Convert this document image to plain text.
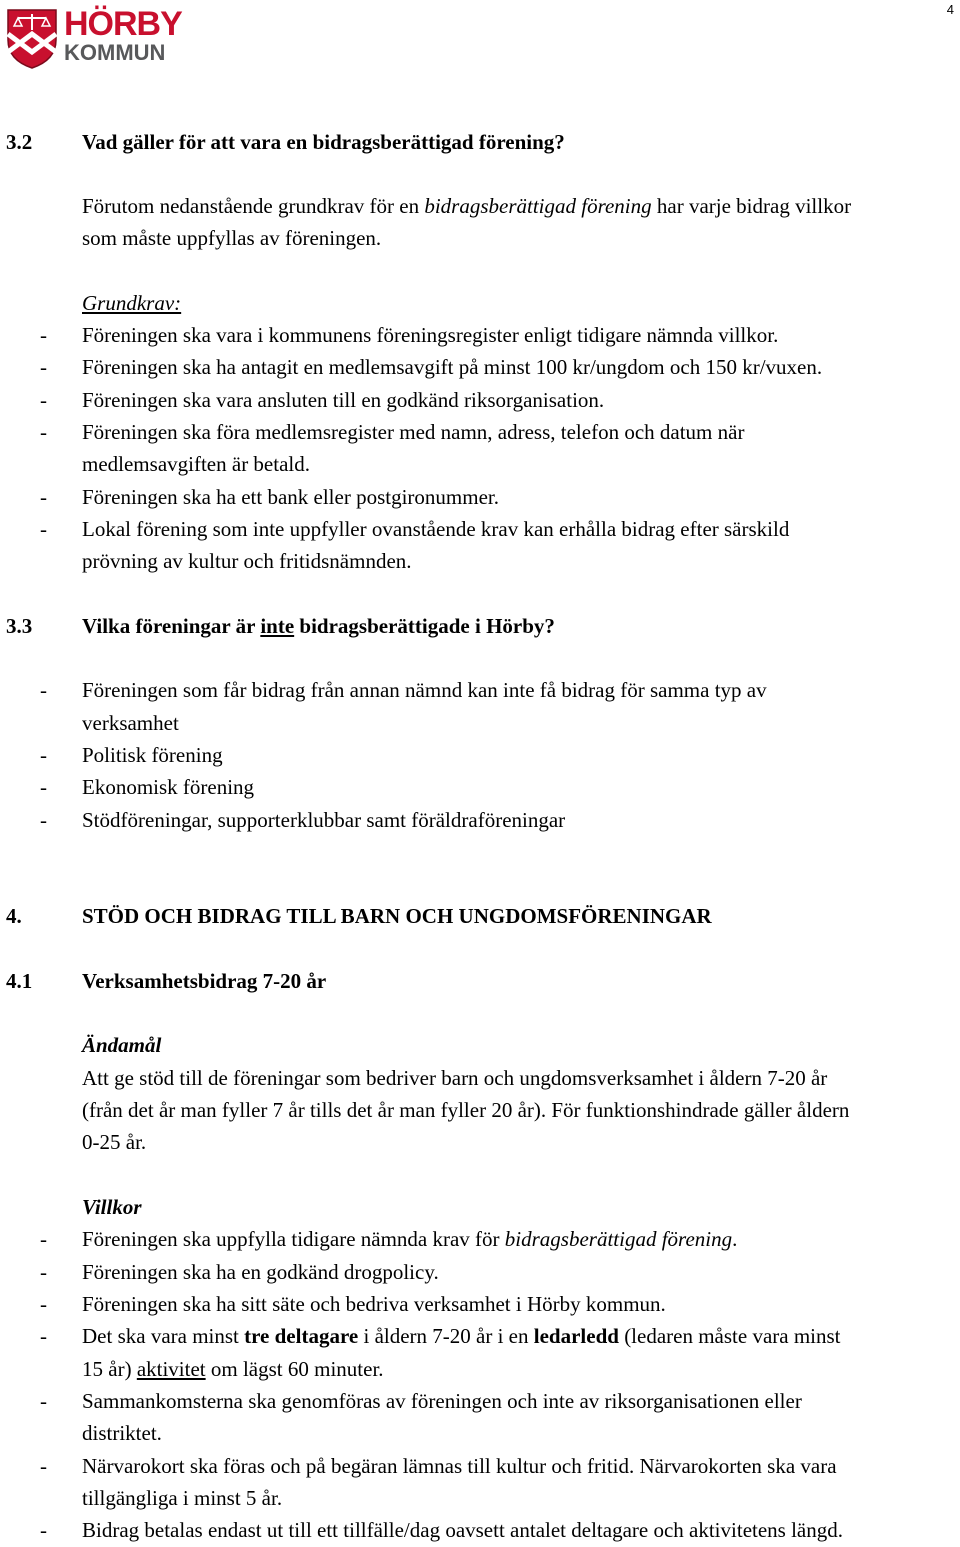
4
HÖRBY
KOMMUN
3.2 Vad gäller för att vara en bidragsberättigad förening?
Förutom nedanstående grundkrav för en bidragsberättigad förening har varje bidrag villkor
som måste uppfyllas av föreningen.
Grundkrav:
- Föreningen ska vara i kommunens föreningsregister enligt tidigare nämnda villkor.
- Föreningen ska ha antagit en medlemsavgift på minst 100 kr/ungdom och 150 kr/vuxen.
- Föreningen ska vara ansluten till en godkänd riksorganisation.
- Föreningen ska föra medlemsregister med namn, adress, telefon och datum när
medlemsavgiften är betald.
- Föreningen ska ha ett bank eller postgironummer.
- Lokal förening som inte uppfyller ovanstående krav kan erhålla bidrag efter särskild
prövning av kultur och fritidsnämnden.
3.3 Vilka föreningar är inte bidragsberättigade i Hörby?
- Föreningen som får bidrag från annan nämnd kan inte få bidrag för samma typ av
verksamhet
- Politisk förening
- Ekonomisk förening
- Stödföreningar, supporterklubbar samt föräldraföreningar
4.	STÖD OCH BIDRAG TILL BARN OCH UNGDOMSFÖRENINGAR
4.1 Verksamhetsbidrag 7-20 år
Ändamål
Att ge stöd till de föreningar som bedriver barn och ungdomsverksamhet i åldern 7-20 år
(från det år man fyller 7 år tills det år man fyller 20 år). För funktionshindrade gäller åldern
0-25 år.
Villkor
- Föreningen ska uppfylla tidigare nämnda krav för bidragsberättigad förening.
- Föreningen ska ha en godkänd drogpolicy.
- Föreningen ska ha sitt säte och bedriva verksamhet i Hörby kommun.
- Det ska vara minst tre deltagare i åldern 7-20 år i en ledarledd (ledaren måste vara minst
15 år) aktivitet om lägst 60 minuter.
- Sammankomsterna ska genomföras av föreningen och inte av riksorganisationen eller
distriktet.
- Närvarokort ska föras och på begäran lämnas till kultur och fritid. Närvarokorten ska vara
tillgängliga i minst 5 år.
- Bidrag betalas endast ut till ett tillfälle/dag oavsett antalet deltagare och aktivitetens längd.
